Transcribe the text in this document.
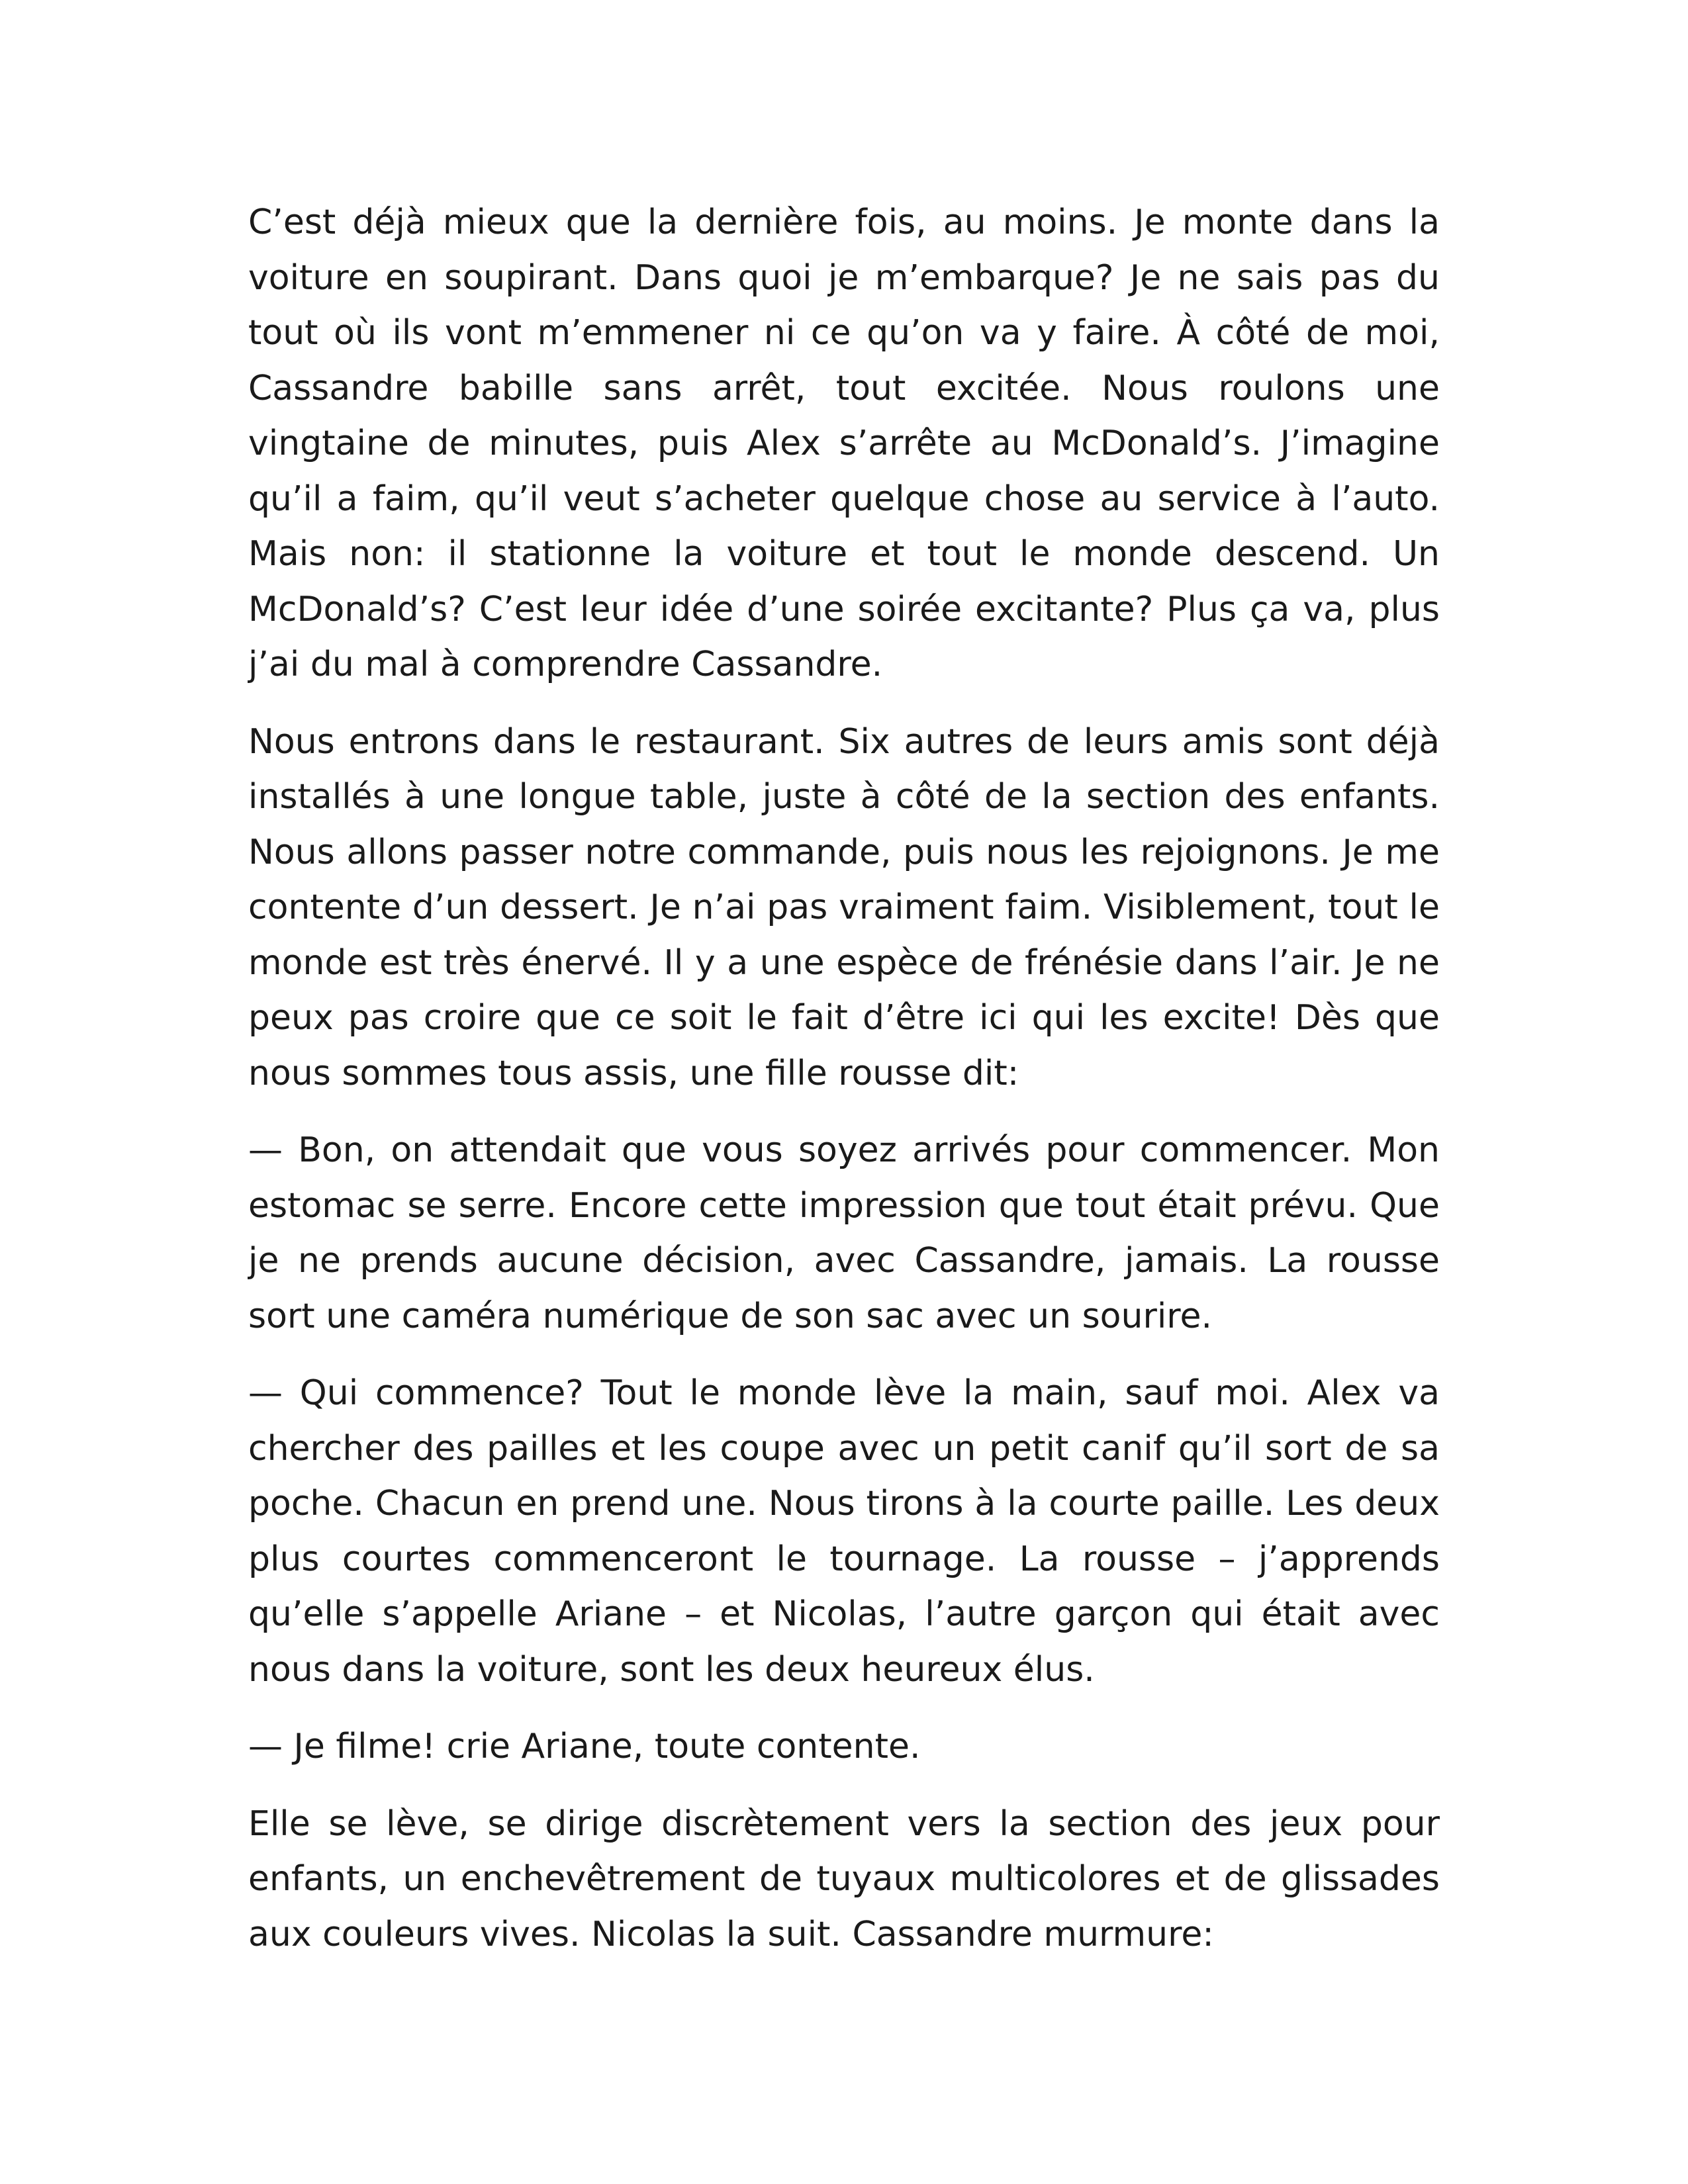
C’est déjà mieux que la dernière fois, au moins. Je monte dans la voiture en soupirant. Dans quoi je m’embarque? Je ne sais pas du tout où ils vont m’emmener ni ce qu’on va y faire. À côté de moi, Cassandre babille sans arrêt, tout excitée. Nous roulons une vingtaine de minutes, puis Alex s’arrête au McDonald’s. J’imagine qu’il a faim, qu’il veut s’acheter quelque chose au service à l’auto. Mais non: il stationne la voiture et tout le monde descend. Un McDonald’s? C’est leur idée d’une soirée excitante? Plus ça va, plus j’ai du mal à comprendre Cassandre.

Nous entrons dans le restaurant. Six autres de leurs amis sont déjà installés à une longue table, juste à côté de la section des enfants. Nous allons passer notre commande, puis nous les rejoignons. Je me contente d’un dessert. Je n’ai pas vraiment faim. Visiblement, tout le monde est très énervé. Il y a une espèce de frénésie dans l’air. Je ne peux pas croire que ce soit le fait d’être ici qui les excite! Dès que nous sommes tous assis, une fille rousse dit:

— Bon, on attendait que vous soyez arrivés pour commencer. Mon estomac se serre. Encore cette impression que tout était prévu. Que je ne prends aucune décision, avec Cassandre, jamais. La rousse sort une caméra numérique de son sac avec un sourire.

— Qui commence? Tout le monde lève la main, sauf moi. Alex va chercher des pailles et les coupe avec un petit canif qu’il sort de sa poche. Chacun en prend une. Nous tirons à la courte paille. Les deux plus courtes commenceront le tournage. La rousse – j’apprends qu’elle s’appelle Ariane – et Nicolas, l’autre garçon qui était avec nous dans la voiture, sont les deux heureux élus.

— Je filme! crie Ariane, toute contente.

Elle se lève, se dirige discrètement vers la section des jeux pour enfants, un enchevêtrement de tuyaux multicolores et de glissades aux couleurs vives. Nicolas la suit. Cassandre murmure:
